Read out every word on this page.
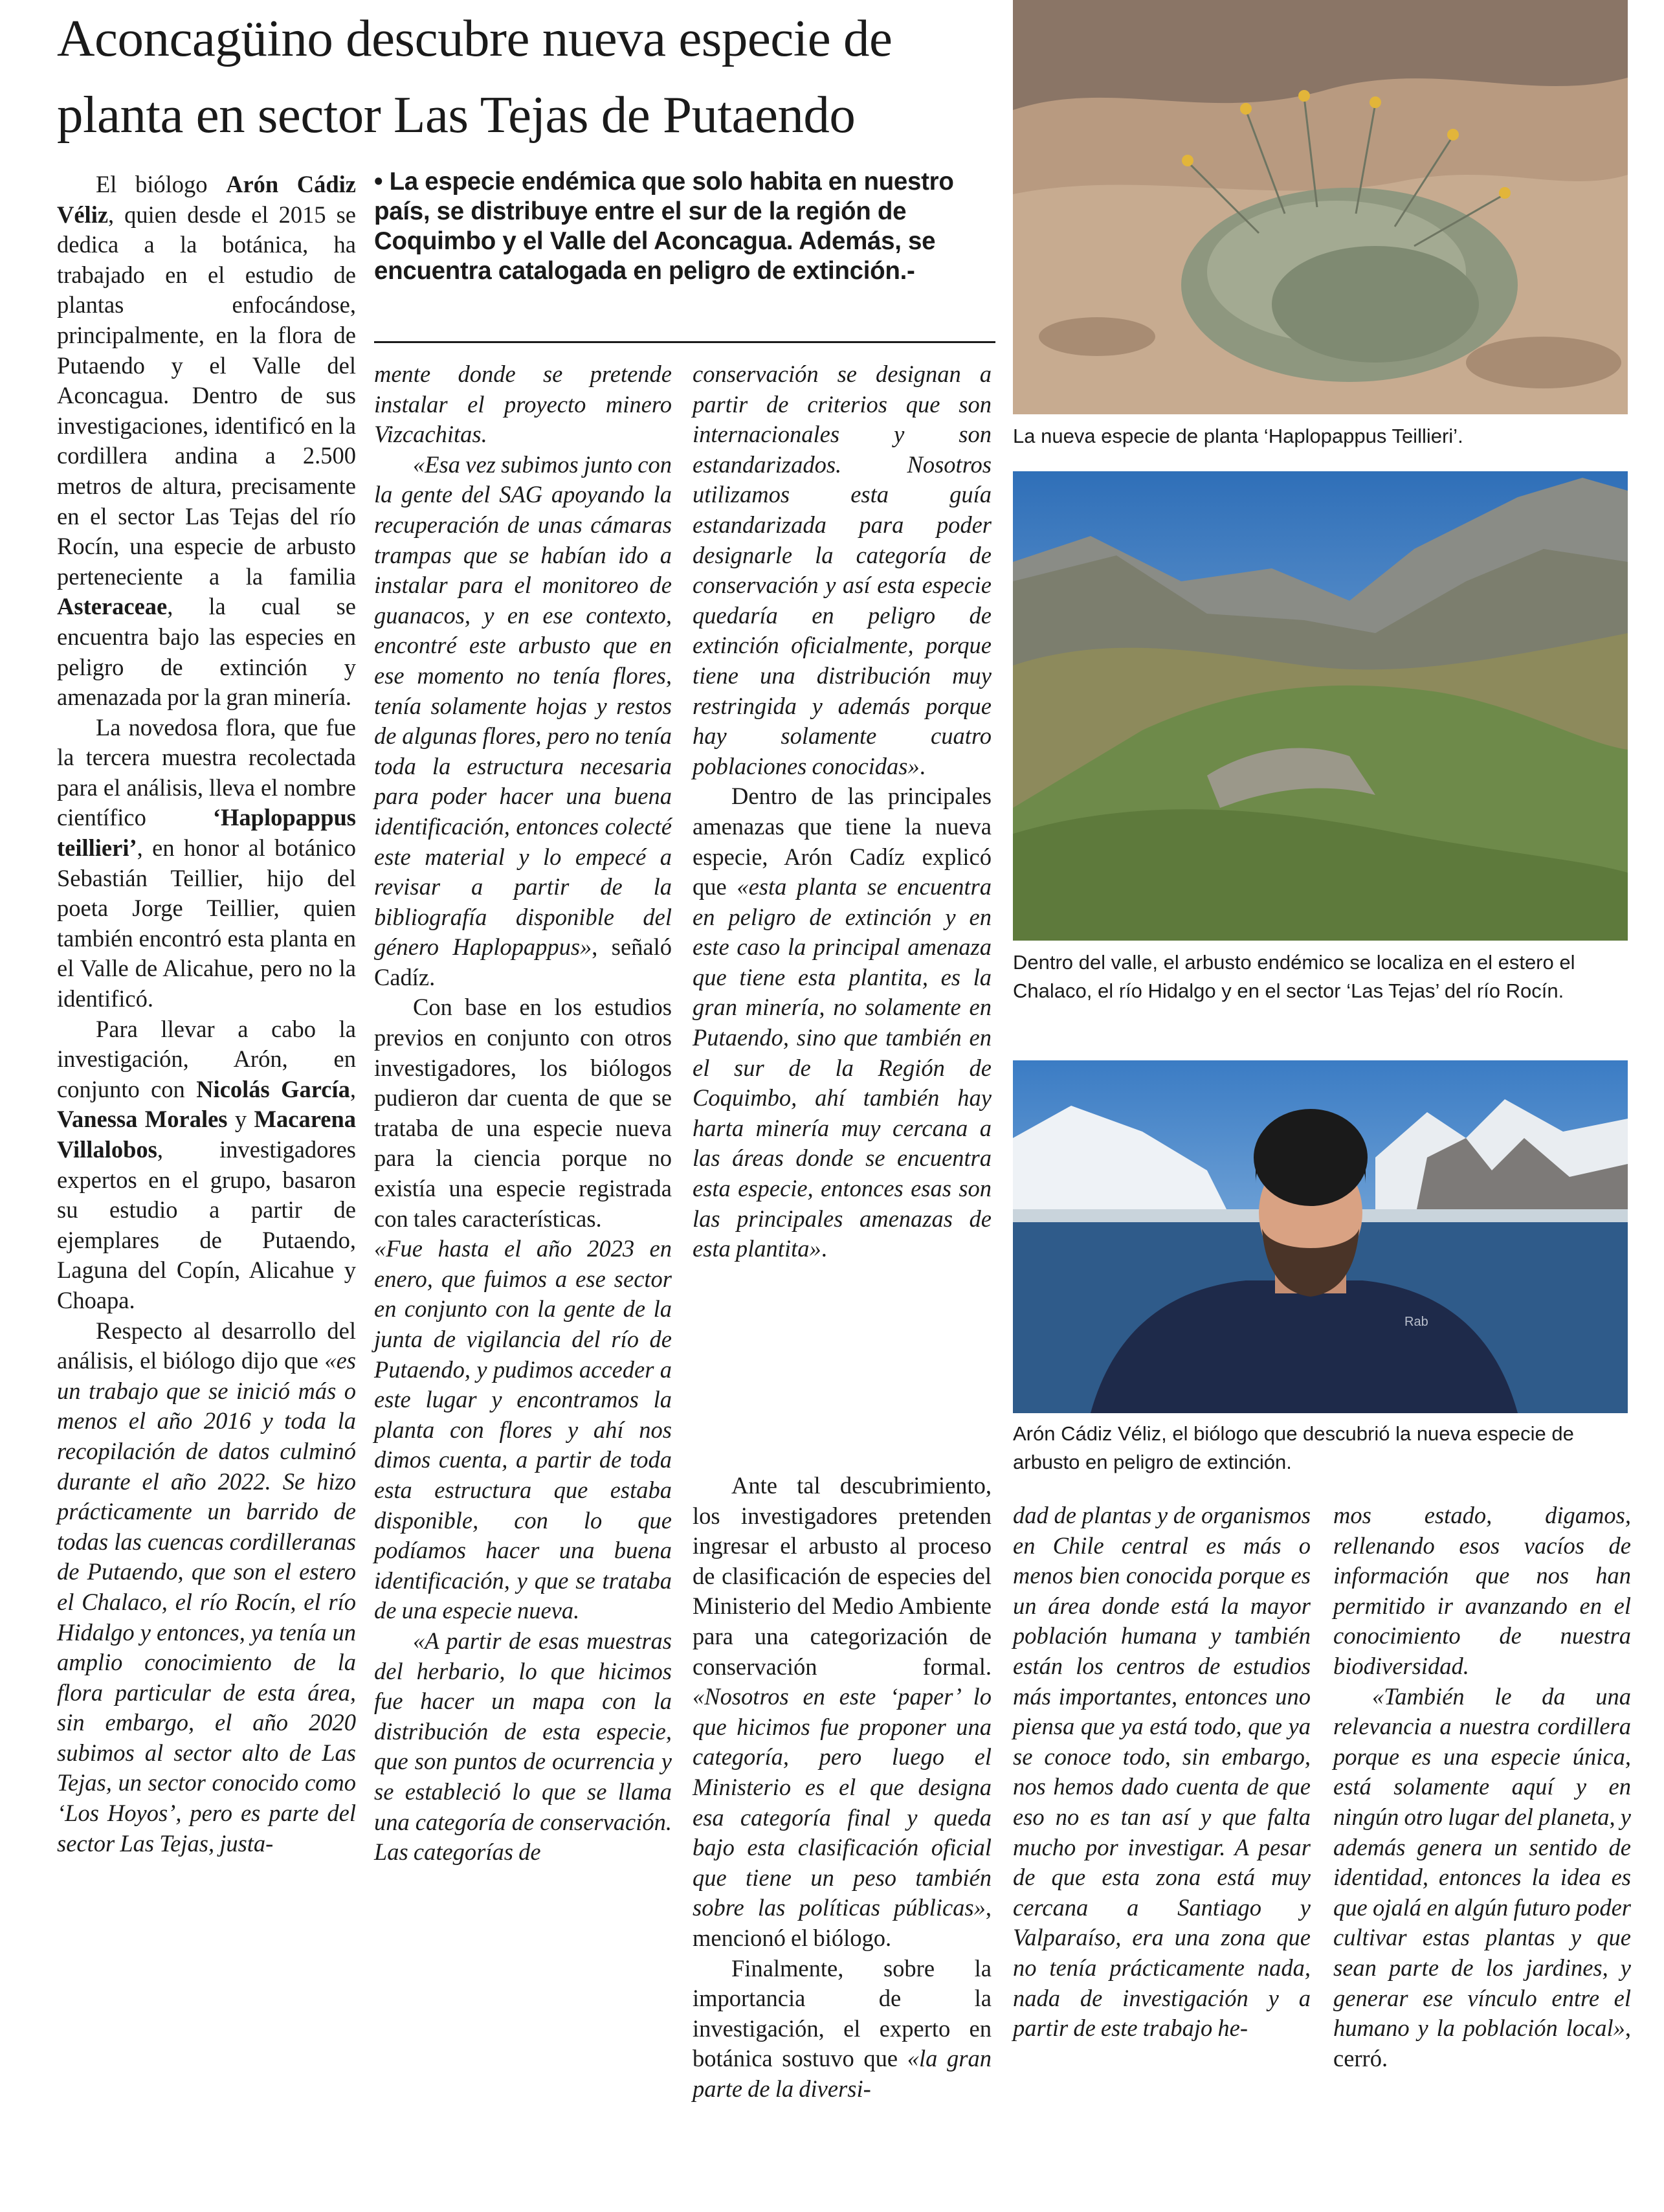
Aconcagüino descubre nueva especie de planta en sector Las Tejas de Putaendo
• La especie endémica que solo habita en nuestro país, se distribuye entre el sur de la región de Coquimbo y el Valle del Aconcagua. Además, se encuentra catalogada en peligro de extinción.-

El biólogo Arón Cádiz Véliz, quien desde el 2015 se dedica a la botánica, ha trabajado en el estudio de plantas enfocándose, principalmente, en la flora de Putaendo y el Valle del Aconcagua. Dentro de sus investigaciones, identificó en la cordillera andina a 2.500 metros de altura, precisamente en el sector Las Tejas del río Rocín, una especie de arbusto perteneciente a la familia Asteraceae, la cual se encuentra bajo las especies en peligro de extinción y amenazada por la gran minería.

La novedosa flora, que fue la tercera muestra recolectada para el análisis, lleva el nombre científico ‘Haplopappus teillieri’, en honor al botánico Sebastián Teillier, hijo del poeta Jorge Teillier, quien también encontró esta planta en el Valle de Alicahue, pero no la identificó.

Para llevar a cabo la investigación, Arón, en conjunto con Nicolás García, Vanessa Morales y Macarena Villalobos, investigadores expertos en el grupo, basaron su estudio a partir de ejemplares de Putaendo, Laguna del Copín, Alicahue y Choapa.

Respecto al desarrollo del análisis, el biólogo dijo que «es un trabajo que se inició más o menos el año 2016 y toda la recopilación de datos culminó durante el año 2022. Se hizo prácticamente un barrido de todas las cuencas cordilleranas de Putaendo, que son el estero el Chalaco, el río Rocín, el río Hidalgo y entonces, ya tenía un amplio conocimiento de la flora particular de esta área, sin embargo, el año 2020 subimos al sector alto de Las Tejas, un sector conocido como ‘Los Hoyos’, pero es parte del sector Las Tejas, justa-

mente donde se pretende instalar el proyecto minero Vizcachitas.

«Esa vez subimos junto con la gente del SAG apoyando la recuperación de unas cámaras trampas que se habían ido a instalar para el monitoreo de guanacos, y en ese contexto, encontré este arbusto que en ese momento no tenía flores, tenía solamente hojas y restos de algunas flores, pero no tenía toda la estructura necesaria para poder hacer una buena identificación, entonces colecté este material y lo empecé a revisar a partir de la bibliografía disponible del género Haplopappus», señaló Cadíz.

Con base en los estudios previos en conjunto con otros investigadores, los biólogos pudieron dar cuenta de que se trataba de una especie nueva para la ciencia porque no existía una especie registrada con tales características.

«Fue hasta el año 2023 en enero, que fuimos a ese sector en conjunto con la gente de la junta de vigilancia del río de Putaendo, y pudimos acceder a este lugar y encontramos la planta con flores y ahí nos dimos cuenta, a partir de toda esta estructura que estaba disponible, con lo que podíamos hacer una buena identificación, y que se trataba de una especie nueva.

«A partir de esas muestras del herbario, lo que hicimos fue hacer un mapa con la distribución de esta especie, que son puntos de ocurrencia y se estableció lo que se llama una categoría de conservación. Las categorías de

conservación se designan a partir de criterios que son internacionales y son estandarizados. Nosotros utilizamos esta guía estandarizada para poder designarle la categoría de conservación y así esta especie quedaría en peligro de extinción oficialmente, porque tiene una distribución muy restringida y además porque hay solamente cuatro poblaciones conocidas».

Dentro de las principales amenazas que tiene la nueva especie, Arón Cadíz explicó que «esta planta se encuentra en peligro de extinción y en este caso la principal amenaza que tiene esta plantita, es la gran minería, no solamente en Putaendo, sino que también en el sur de la Región de Coquimbo, ahí también hay harta minería muy cercana a las áreas donde se encuentra esta especie, entonces esas son las principales amenazas de esta plantita».

Ante tal descubrimiento, los investigadores pretenden ingresar el arbusto al proceso de clasificación de especies del Ministerio del Medio Ambiente para una categorización de conservación formal. «Nosotros en este ‘paper’ lo que hicimos fue proponer una categoría, pero luego el Ministerio es el que designa esa categoría final y queda bajo esta clasificación oficial que tiene un peso también sobre las políticas públicas», mencionó el biólogo.

Finalmente, sobre la importancia de la investigación, el experto en botánica sostuvo que «la gran parte de la diversi-

dad de plantas y de organismos en Chile central es más o menos bien conocida porque es un área donde está la mayor población humana y también están los centros de estudios más importantes, entonces uno piensa que ya está todo, que ya se conoce todo, sin embargo, nos hemos dado cuenta de que eso no es tan así y que falta mucho por investigar. A pesar de que esta zona está muy cercana a Santiago y Valparaíso, era una zona que no tenía prácticamente nada, nada de investigación y a partir de este trabajo he-

mos estado, digamos, rellenando esos vacíos de información que nos han permitido ir avanzando en el conocimiento de nuestra biodiversidad.

«También le da una relevancia a nuestra cordillera porque es una especie única, está solamente aquí y en ningún otro lugar del planeta, y además genera un sentido de identidad, entonces la idea es que ojalá en algún futuro poder cultivar estas plantas y que sean parte de los jardines, y generar ese vínculo entre el humano y la población local», cerró.

La nueva especie de planta ‘Haplopappus Teillieri’.
Dentro del valle, el arbusto endémico se localiza en el estero el Chalaco, el río Hidalgo y en el sector ‘Las Tejas’ del río Rocín.
Rab
Arón Cádiz Véliz, el biólogo que descubrió la nueva especie de arbusto en peligro de extinción.
